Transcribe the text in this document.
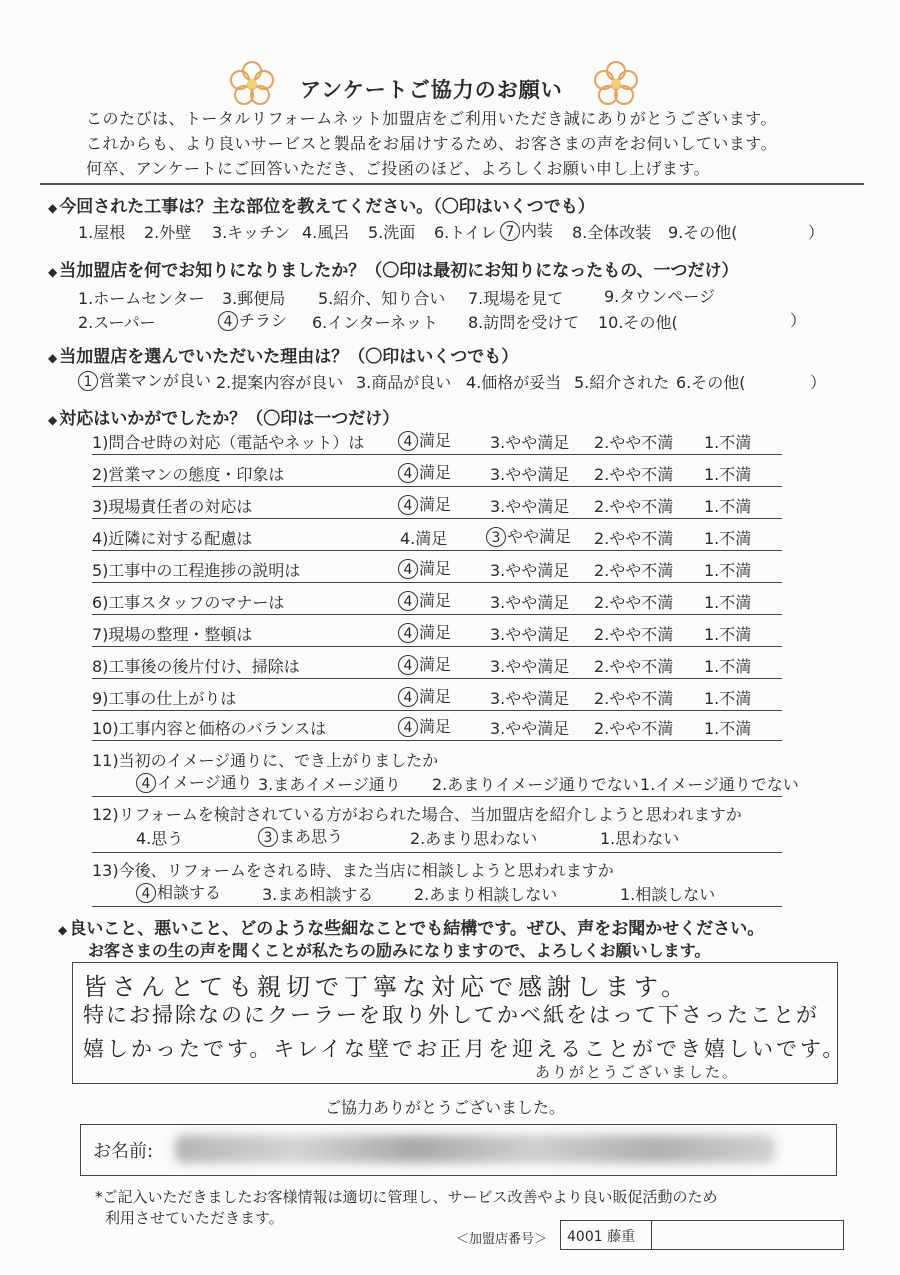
アンケートご協力のお願い
このたびは、トータルリフォームネット加盟店をご利用いただき誠にありがとうございます。
これからも、より良いサービスと製品をお届けするため、お客さまの声をお伺いしています。
何卒、アンケートにご回答いただき、ご投函のほど、よろしくお願い申し上げます。
◆ 今回された工事は？主な部位を教えてください。（〇印はいくつでも）
1.屋根 2.外壁 3.キッチン 4.風呂 5.洗面 6.トイレ 7 内装 8.全体改装 9.その他(	）
◆ 当加盟店を何でお知りになりましたか？（〇印は最初にお知りになったもの、一つだけ）
1.ホームセンター 3.郵便局 5.紹介、知り合い 7.現場を見て	9.タウンページ
2.スーパー	4 チラシ 6.インターネット 8.訪問を受けて 10.その他(	）
◆ 当加盟店を選んでいただいた理由は？（〇印はいくつでも）
1 営業マンが良い 2.提案内容が良い 3.商品が良い 4.価格が妥当 5.紹介された 6.その他(	）
◆ 対応はいかがでしたか？（〇印は一つだけ）
1)問合せ時の対応（電話やネット）は	4 満足 3.やや満足 2.やや不満 1.不満
2)営業マンの態度・印象は	4 満足 3.やや満足 2.やや不満 1.不満
3)現場責任者の対応は	4 満足 3.やや満足 2.やや不満 1.不満
4)近隣に対する配慮は	4.満足	3 やや満足 2.やや不満 1.不満
5)工事中の工程進捗の説明は	4 満足 3.やや満足 2.やや不満 1.不満
6)工事スタッフのマナーは	4 満足 3.やや満足 2.やや不満 1.不満
7)現場の整理・整頓は	4 満足 3.やや満足 2.やや不満 1.不満
8)工事後の後片付け、掃除は	4 満足 3.やや満足 2.やや不満 1.不満
9)工事の仕上がりは	4 満足 3.やや満足 2.やや不満 1.不満
10)工事内容と価格のバランスは	4 満足 3.やや満足 2.やや不満 1.不満
11)当初のイメージ通りに、でき上がりましたか
4 イメージ通り 3.まあイメージ通り 2.あまりイメージ通りでない 1.イメージ通りでない
12)リフォームを検討されている方がおられた場合、当加盟店を紹介しようと思われますか
4.思う	3 まあ思う	2.あまり思わない	1.思わない
13)今後、リフォームをされる時、また当店に相談しようと思われますか
4 相談する	3.まあ相談する	2.あまり相談しない	1.相談しない
◆ 良いこと、悪いこと、どのような些細なことでも結構です。ぜひ、声をお聞かせください。
お客さまの生の声を聞くことが私たちの励みになりますので、よろしくお願いします。
皆さんとても親切で丁寧な対応で感謝します。
特にお掃除なのにクーラーを取り外してかべ紙をはって下さったことが
嬉しかったです。キレイな壁でお正月を迎えることができ嬉しいです。
ありがとうございました。
ご協力ありがとうございました。
お名前:
*ご記入いただきましたお客様情報は適切に管理し、サービス改善やより良い販促活動のため
利用させていただきます。
＜加盟店番号＞ 4001 藤重
